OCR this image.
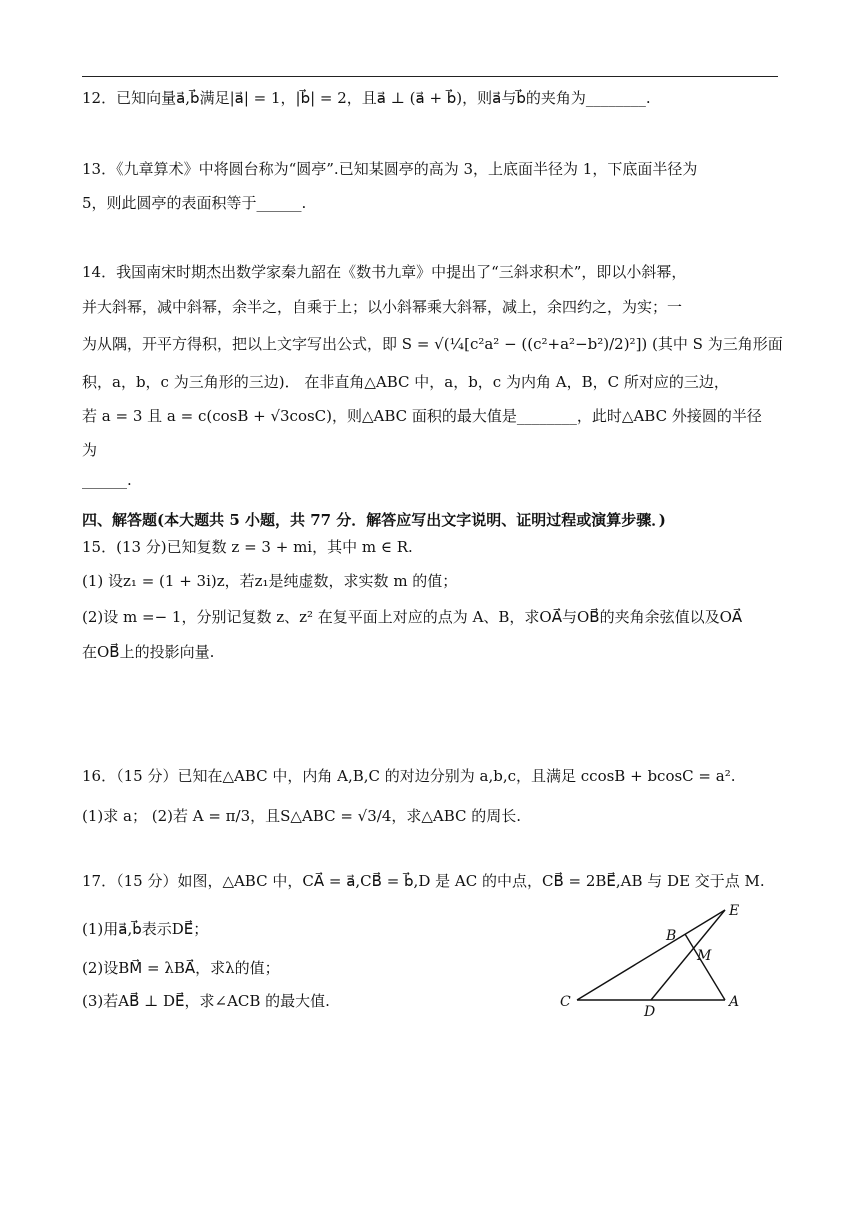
12．已知向量a⃗,b⃗满足|a⃗| = 1，|b⃗| = 2，且a⃗ ⊥ (a⃗ + b⃗)，则a⃗与b⃗的夹角为________.
13．《九章算术》中将圆台称为“圆亭”.已知某圆亭的高为 3，上底面半径为 1，下底面半径为
5，则此圆亭的表面积等于______.
14．我国南宋时期杰出数学家秦九韶在《数书九章》中提出了“三斜求积术”，即以小斜幂，
并大斜幂，减中斜幂，余半之，自乘于上；以小斜幂乘大斜幂，减上，余四约之，为实；一
为从隅，开平方得积，把以上文字写出公式，即 S = √(¼[c²a² − ((c²+a²−b²)/2)²]) (其中 S 为三角形面
积，a，b，c 为三角形的三边)． 在非直角△ABC 中，a，b，c 为内角 A，B，C 所对应的三边，
若 a = 3 且 a = c(cosB + √3cosC)，则△ABC 面积的最大值是________，此时△ABC 外接圆的半径
为
______.
四、解答题(本大题共 5 小题，共 77 分．解答应写出文字说明、证明过程或演算步骤．)
15．(13 分)已知复数 z = 3 + mi，其中 m ∈ R.
(1) 设z₁ = (1 + 3i)z，若z₁是纯虚数，求实数 m 的值；
(2)设 m =− 1，分别记复数 z、z² 在复平面上对应的点为 A、B，求OA⃗与OB⃗的夹角余弦值以及OA⃗
在OB⃗上的投影向量.
16．（15 分）已知在△ABC 中，内角 A,B,C 的对边分别为 a,b,c，且满足 ccosB + bcosC = a².
(1)求 a； (2)若 A = π/3，且S△ABC = √3/4，求△ABC 的周长.
17．（15 分）如图，△ABC 中，CA⃗ = a⃗,CB⃗ = b⃗,D 是 AC 的中点，CB⃗ = 2BE⃗,AB 与 DE 交于点 M.
(1)用a⃗,b⃗表示DE⃗；
(2)设BM⃗ = λBA⃗，求λ的值；
(3)若AB⃗ ⊥ DE⃗，求∠ACB 的最大值.
E
B
M
C
D
A
